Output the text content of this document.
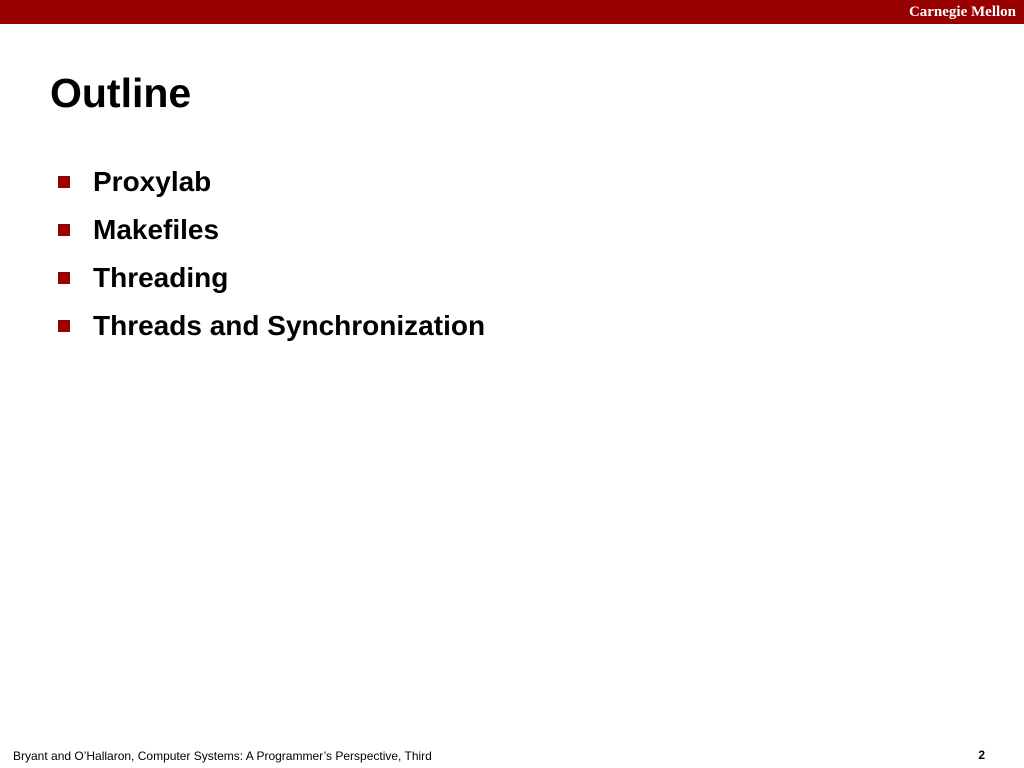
Carnegie Mellon
Outline
Proxylab
Makefiles
Threading
Threads and Synchronization
Bryant and O’Hallaron, Computer Systems: A Programmer’s Perspective, Third	2
